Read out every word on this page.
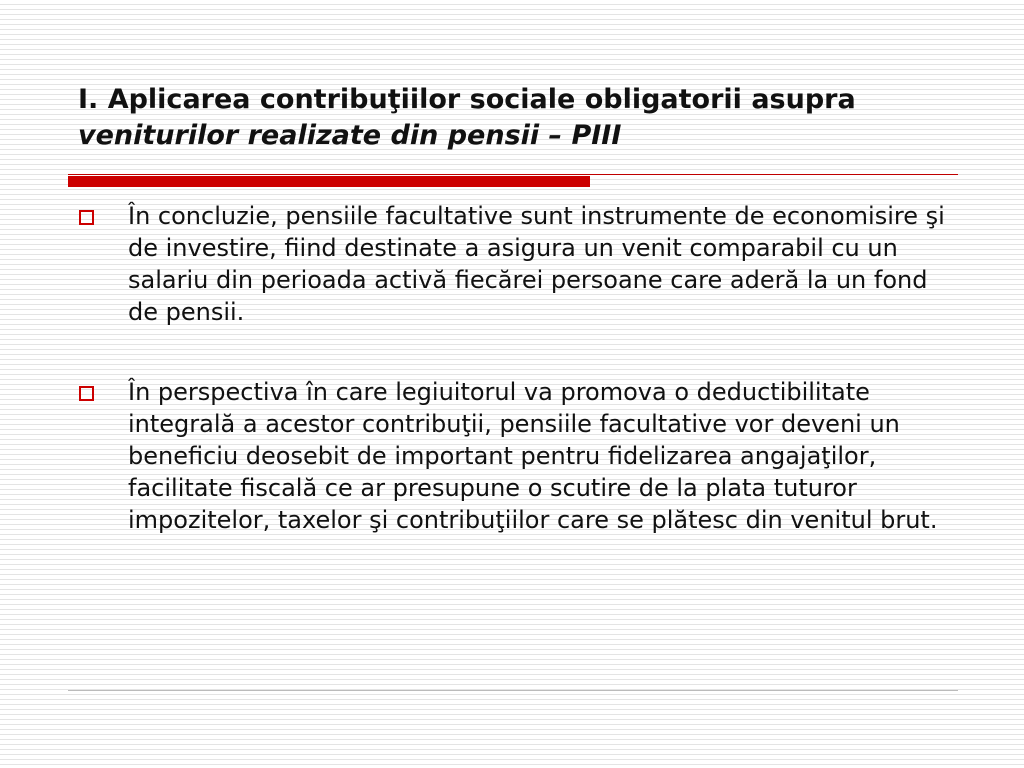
I. Aplicarea contribuţiilor sociale obligatorii asupra veniturilor realizate din pensii – PIII
În concluzie, pensiile facultative sunt instrumente de economisire şi de investire, fiind destinate a asigura un venit comparabil cu un salariu din perioada activă fiecărei persoane care aderă la un fond de pensii.
În perspectiva în care legiuitorul va promova o deductibilitate integrală a acestor contribuţii, pensiile facultative vor deveni un beneficiu deosebit de important pentru fidelizarea angajaţilor, facilitate fiscală ce ar presupune o scutire de la plata tuturor impozitelor, taxelor şi contribuţiilor care se plătesc din venitul brut.
